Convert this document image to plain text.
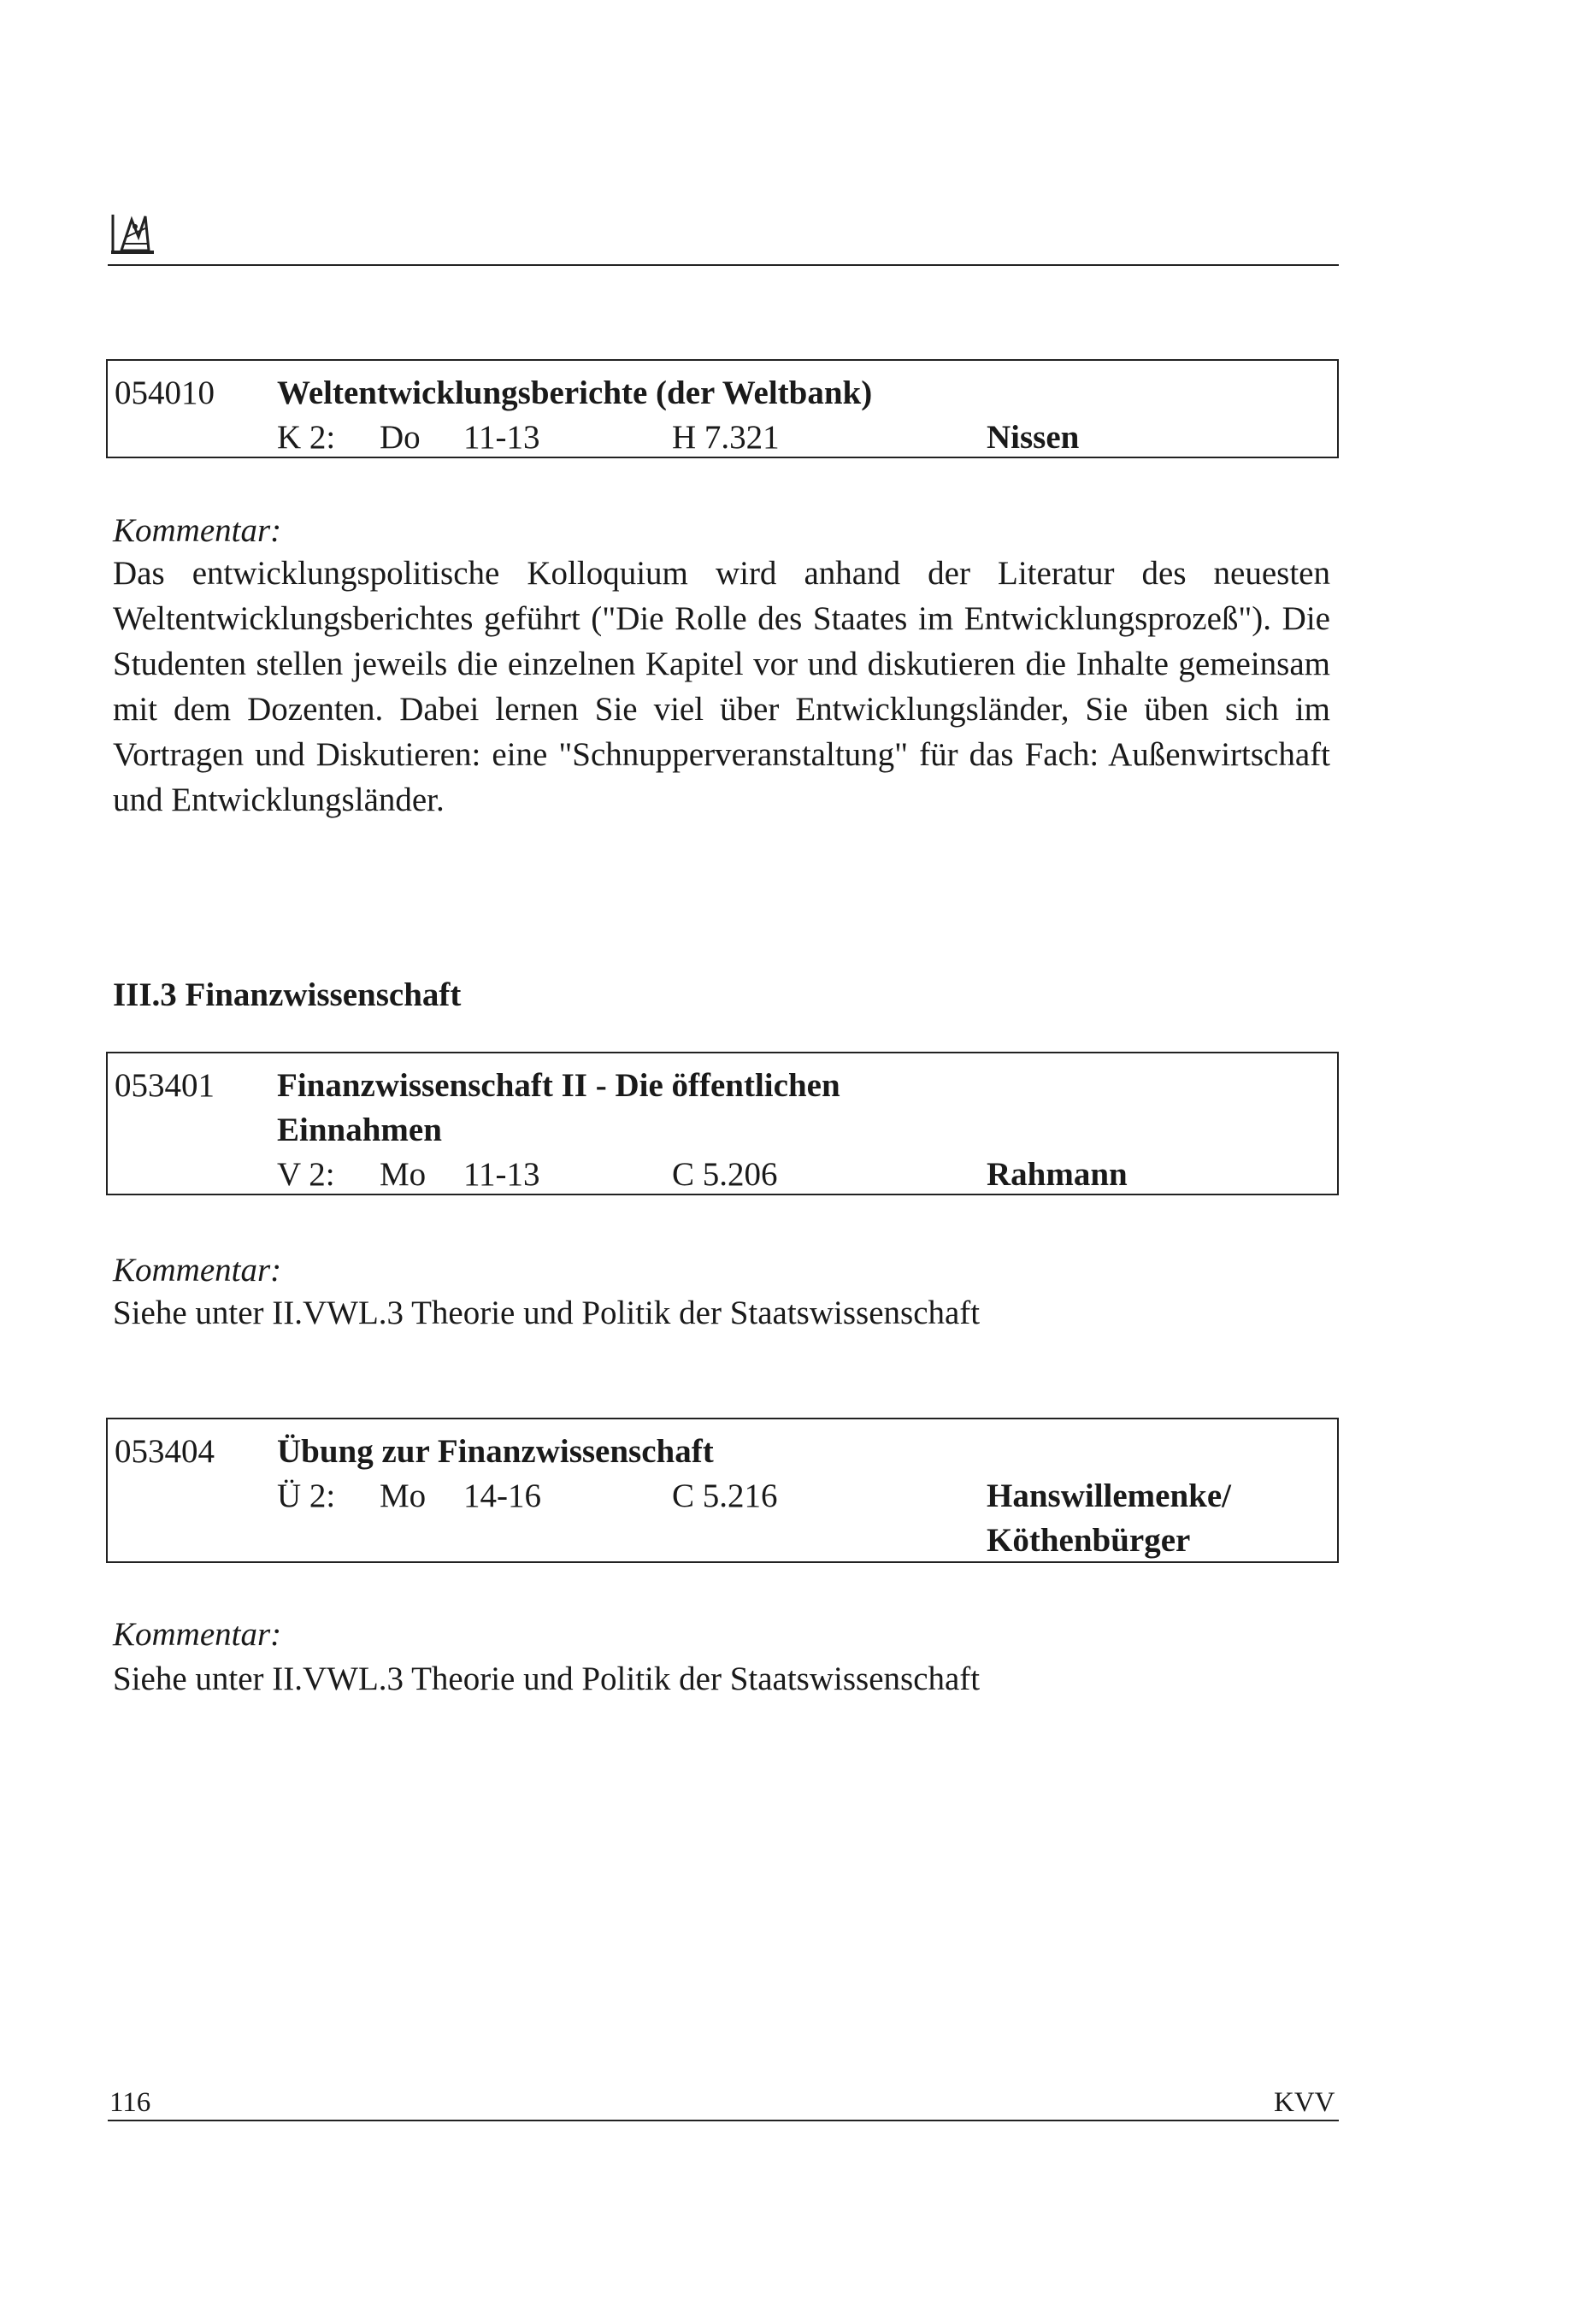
054010 Weltentwicklungsberichte (der Weltbank)
K 2: Do 11-13	H 7.321	Nissen
Kommentar:
Das entwicklungspolitische Kolloquium wird anhand der Literatur des neuesten Weltentwicklungsberichtes geführt ("Die Rolle des Staates im Entwicklungsprozeß"). Die Studenten stellen jeweils die einzelnen Kapitel vor und diskutieren die Inhalte gemeinsam mit dem Dozenten. Dabei lernen Sie viel über Entwicklungsländer, Sie üben sich im Vortragen und Diskutieren: eine "Schnupperveranstaltung" für das Fach: Außenwirtschaft und Entwicklungsländer.
III.3 Finanzwissenschaft
053401 Finanzwissenschaft II - Die öffentlichen
Einnahmen
V 2: Mo 11-13	C 5.206	Rahmann
Kommentar:
Siehe unter II.VWL.3 Theorie und Politik der Staatswissenschaft
053404 Übung zur Finanzwissenschaft
Ü 2: Mo 14-16	C 5.216	Hanswillemenke/
Köthenbürger
Kommentar:
Siehe unter II.VWL.3 Theorie und Politik der Staatswissenschaft
116	KVV
